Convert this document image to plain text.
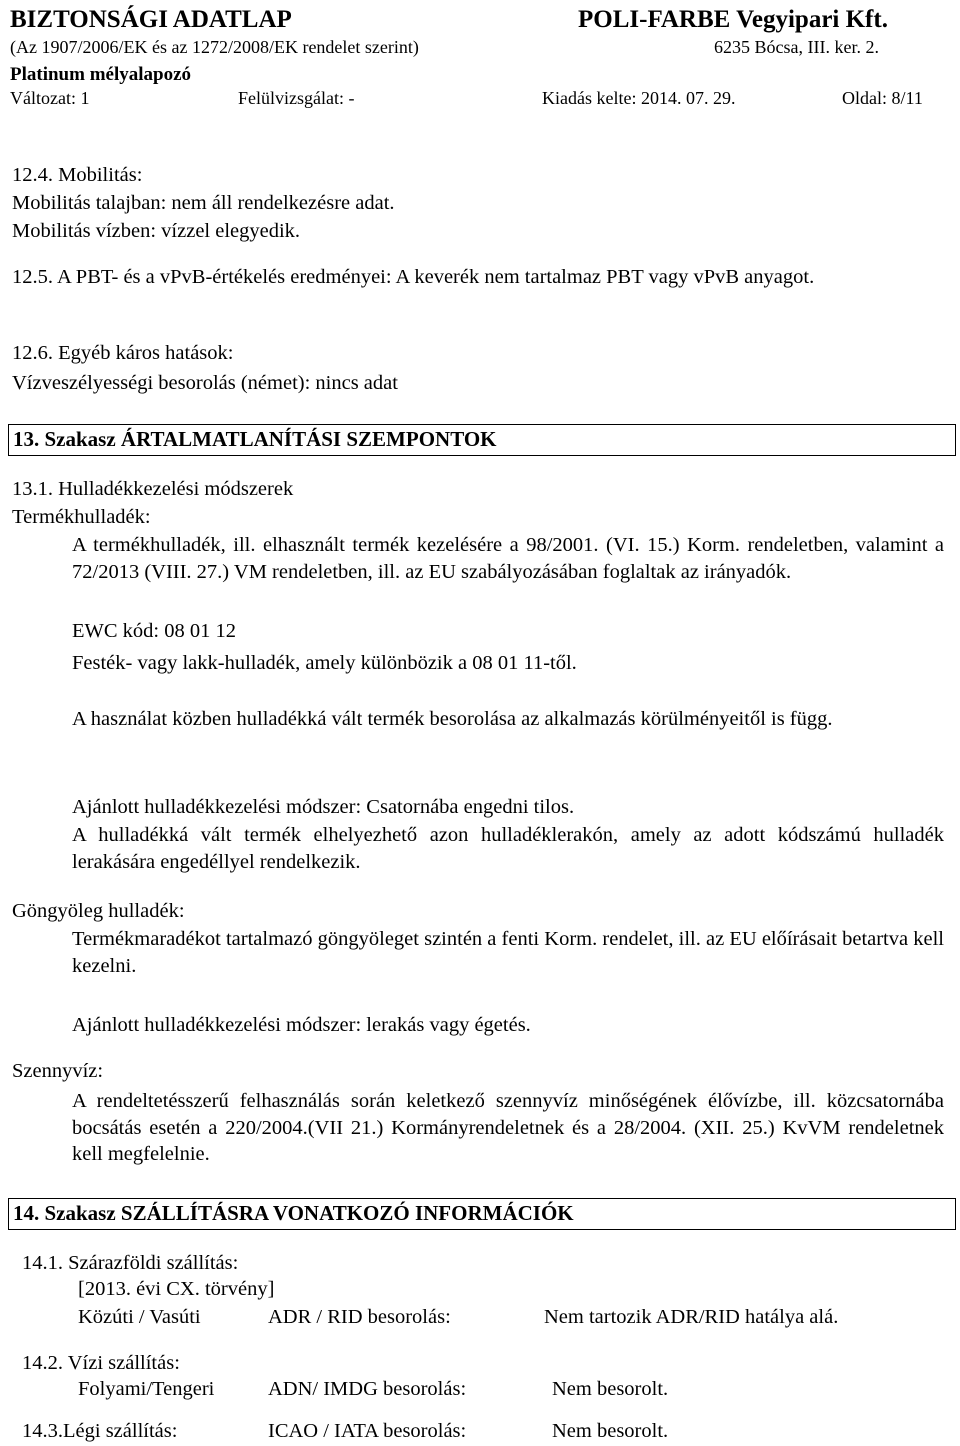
BIZTONSÁGI ADATLAP	POLI-FARBE Vegyipari Kft.
(Az 1907/2006/EK és az 1272/2008/EK rendelet szerint)	6235 Bócsa, III. ker. 2.
Platinum mélyalapozó
Változat: 1	Felülvizsgálat: -	Kiadás kelte: 2014. 07. 29.	Oldal: 8/11
12.4. Mobilitás:
Mobilitás talajban: nem áll rendelkezésre adat.
Mobilitás vízben: vízzel elegyedik.
12.5. A PBT- és a vPvB-értékelés eredményei: A keverék nem tartalmaz PBT vagy vPvB anyagot.
12.6. Egyéb káros hatások:
Vízveszélyességi besorolás (német): nincs adat
13. Szakasz ÁRTALMATLANÍTÁSI SZEMPONTOK
13.1. Hulladékkezelési módszerek
Termékhulladék:
A termékhulladék, ill. elhasznált termék kezelésére a 98/2001. (VI. 15.) Korm. rendeletben, valamint a 72/2013 (VIII. 27.) VM rendeletben, ill. az EU szabályozásában foglaltak az irányadók.
EWC kód: 08 01 12
Festék- vagy lakk-hulladék, amely különbözik a 08 01 11-től.
A használat közben hulladékká vált termék besorolása az alkalmazás körülményeitől is függ.
Ajánlott hulladékkezelési módszer: Csatornába engedni tilos.
A hulladékká vált termék elhelyezhető azon hulladéklerakón, amely az adott kódszámú hulladék lerakására engedéllyel rendelkezik.
Göngyöleg hulladék:
Termékmaradékot tartalmazó göngyöleget szintén a fenti Korm. rendelet, ill. az EU előírásait betartva kell kezelni.
Ajánlott hulladékkezelési módszer: lerakás vagy égetés.
Szennyvíz:
A rendeltetésszerű felhasználás során keletkező szennyvíz minőségének élővízbe, ill. közcsatornába bocsátás esetén a 220/2004.(VII 21.) Kormányrendeletnek és a 28/2004. (XII. 25.) KvVM rendeletnek kell megfelelnie.
14. Szakasz SZÁLLÍTÁSRA VONATKOZÓ INFORMÁCIÓK
14.1. Szárazföldi szállítás:
[2013. évi CX. törvény]
Közúti / Vasúti	ADR / RID besorolás:	Nem tartozik ADR/RID hatálya alá.
14.2. Vízi szállítás:
Folyami/Tengeri	ADN/ IMDG besorolás:	Nem besorolt.
14.3.Légi szállítás:	ICAO / IATA besorolás:	Nem besorolt.
